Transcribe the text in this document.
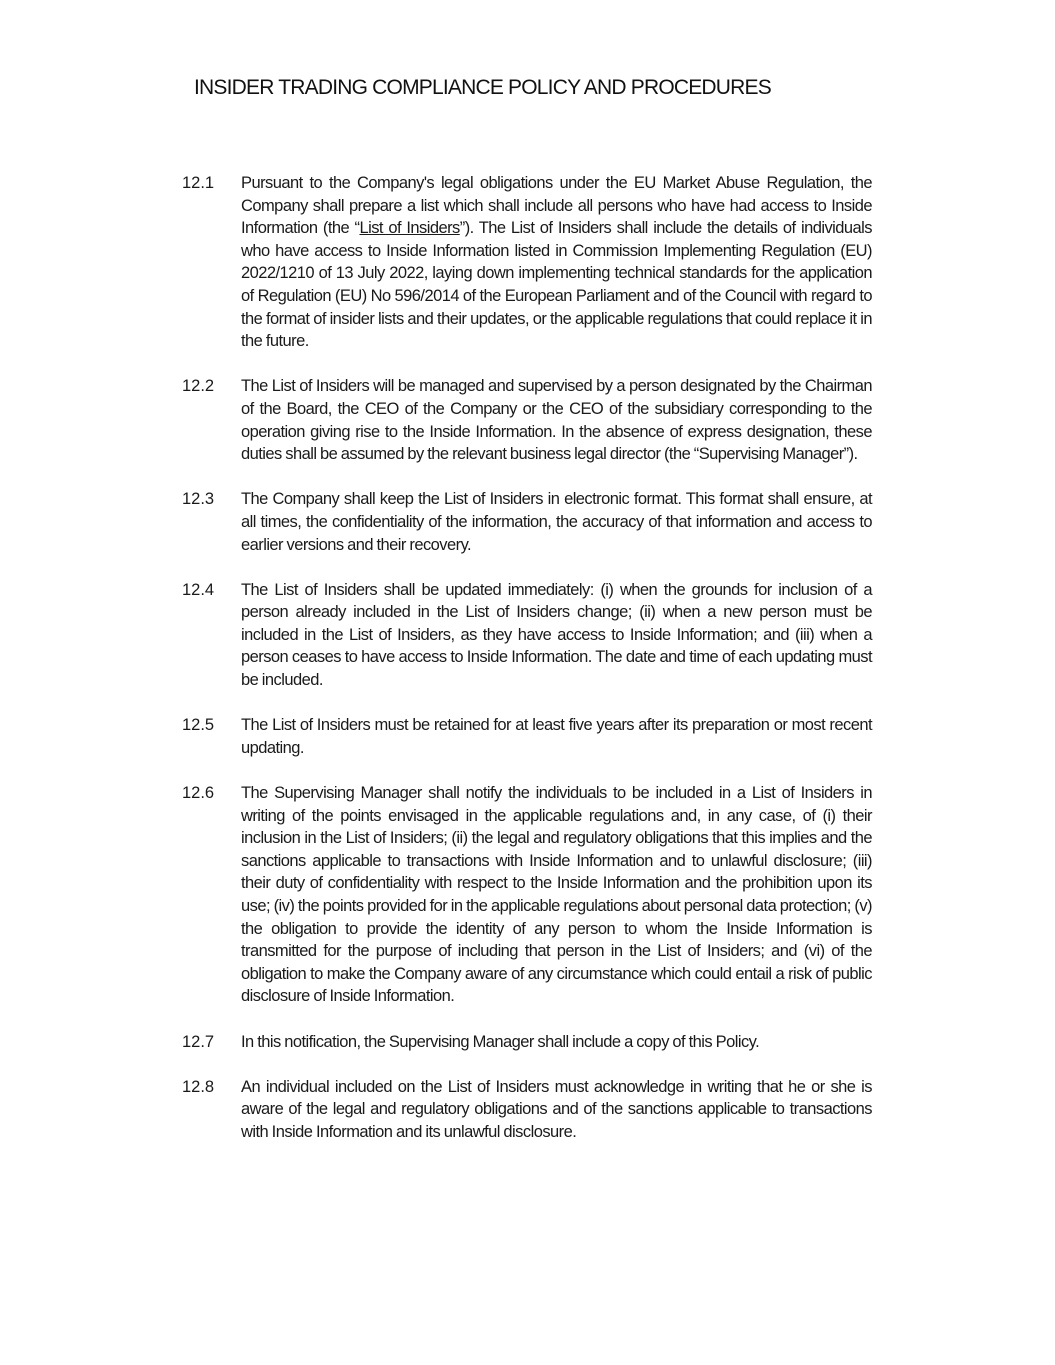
INSIDER TRADING COMPLIANCE POLICY AND PROCEDURES
12.1	Pursuant to the Company's legal obligations under the EU Market Abuse Regulation, the Company shall prepare a list which shall include all persons who have had access to Inside Information (the “List of Insiders”). The List of Insiders shall include the details of individuals who have access to Inside Information listed in Commission Implementing Regulation (EU) 2022/1210 of 13 July 2022, laying down implementing technical standards for the application of Regulation (EU) No 596/2014 of the European Parliament and of the Council with regard to the format of insider lists and their updates, or the applicable regulations that could replace it in the future.
12.2	The List of Insiders will be managed and supervised by a person designated by the Chairman of the Board, the CEO of the Company or the CEO of the subsidiary corresponding to the operation giving rise to the Inside Information. In the absence of express designation, these duties shall be assumed by the relevant business legal director (the “Supervising Manager”).
12.3	The Company shall keep the List of Insiders in electronic format. This format shall ensure, at all times, the confidentiality of the information, the accuracy of that information and access to earlier versions and their recovery.
12.4	The List of Insiders shall be updated immediately: (i) when the grounds for inclusion of a person already included in the List of Insiders change; (ii) when a new person must be included in the List of Insiders, as they have access to Inside Information; and (iii) when a person ceases to have access to Inside Information. The date and time of each updating must be included.
12.5	The List of Insiders must be retained for at least five years after its preparation or most recent updating.
12.6	The Supervising Manager shall notify the individuals to be included in a List of Insiders in writing of the points envisaged in the applicable regulations and, in any case, of (i) their inclusion in the List of Insiders; (ii) the legal and regulatory obligations that this implies and the sanctions applicable to transactions with Inside Information and to unlawful disclosure; (iii) their duty of confidentiality with respect to the Inside Information and the prohibition upon its use; (iv) the points provided for in the applicable regulations about personal data protection; (v) the obligation to provide the identity of any person to whom the Inside Information is transmitted for the purpose of including that person in the List of Insiders; and (vi) of the obligation to make the Company aware of any circumstance which could entail a risk of public disclosure of Inside Information.
12.7	In this notification, the Supervising Manager shall include a copy of this Policy.
12.8	An individual included on the List of Insiders must acknowledge in writing that he or she is aware of the legal and regulatory obligations and of the sanctions applicable to transactions with Inside Information and its unlawful disclosure.
